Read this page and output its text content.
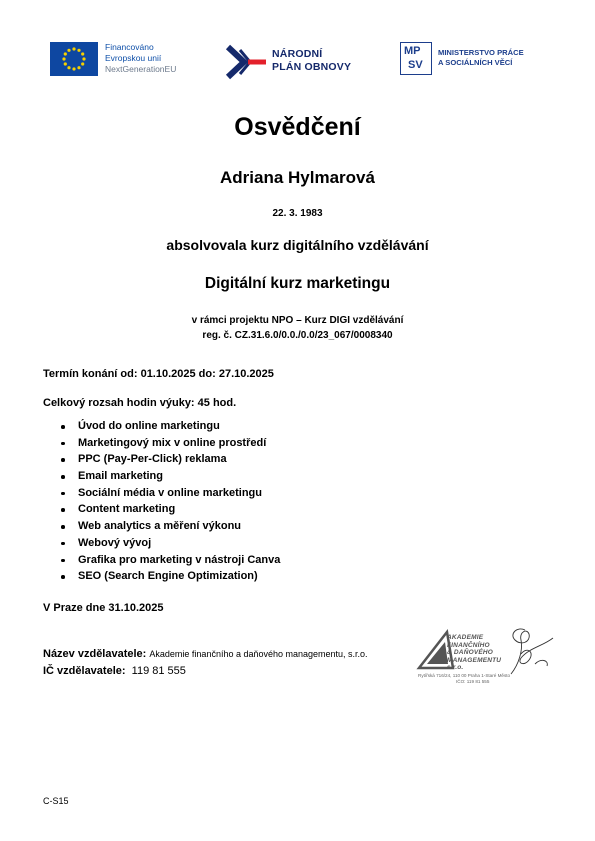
Financováno
Evropskou unií
NextGenerationEU
NÁRODNÍ
PLÁN OBNOVY
MP
SV
MINISTERSTVO PRÁCE
A SOCIÁLNÍCH VĚCÍ
Osvědčení
Adriana Hylmarová
22. 3. 1983
absolvovala kurz digitálního vzdělávání
Digitální kurz marketingu
v rámci projektu NPO – Kurz DIGI vzdělávání
reg. č. CZ.31.6.0/0.0./0.0/23_067/0008340
Termín konání od: 01.10.2025 do: 27.10.2025
Celkový rozsah hodin výuky: 45 hod.
Úvod do online marketingu
Marketingový mix v online prostředí
PPC (Pay-Per-Click) reklama
Email marketing
Sociální média v online marketingu
Content marketing
Web analytics a měření výkonu
Webový vývoj
Grafika pro marketing v nástroji Canva
SEO (Search Engine Optimization)
V Praze dne 31.10.2025
Název vzdělavatele: Akademie finančního a daňového managementu, s.r.o.
IČ vzdělavatele: 119 81 555
AKADEMIE
FINANČNÍHO
& DAŇOVÉHO
MANAGEMENTU
s.r.o.
Rytířská 716/24, 110 00 Praha 1-Staré Město
IČO: 119 81 555
C-S15
